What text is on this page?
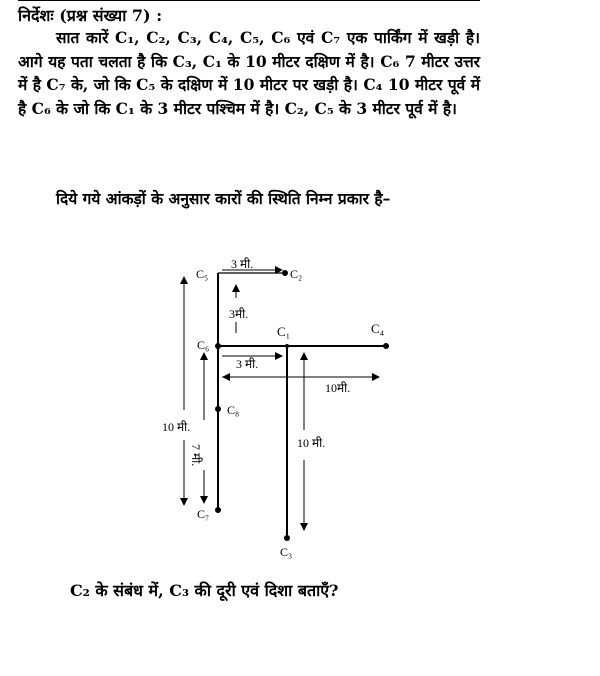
निर्देशः (प्रश्न संख्या 7) :

सात कारें C₁, C₂, C₃, C₄, C₅, C₆ एवं C₇ एक पार्किंग में खड़ी है। आगे यह पता चलता है कि C₃, C₁ के 10 मीटर दक्षिण में है। C₆ 7 मीटर उत्तर में है C₇ के, जो कि C₅ के दक्षिण में 10 मीटर पर खड़ी है। C₄ 10 मीटर पूर्व में है C₆ के जो कि C₁ के 3 मीटर पश्चिम में है। C₂, C₅ के 3 मीटर पूर्व में है।

दिये गये आंकड़ों के अनुसार कारों की स्थिति निम्न प्रकार है–

C₅	C₂
C₁	C₄
C₆
C₈
C₇
C₃
3 मी.
3मी.
3 मी.
10मी.
10 मी.
7 मी.
10 मी.
C₂ के संबंध में, C₃ की दूरी एवं दिशा बताएँ?
